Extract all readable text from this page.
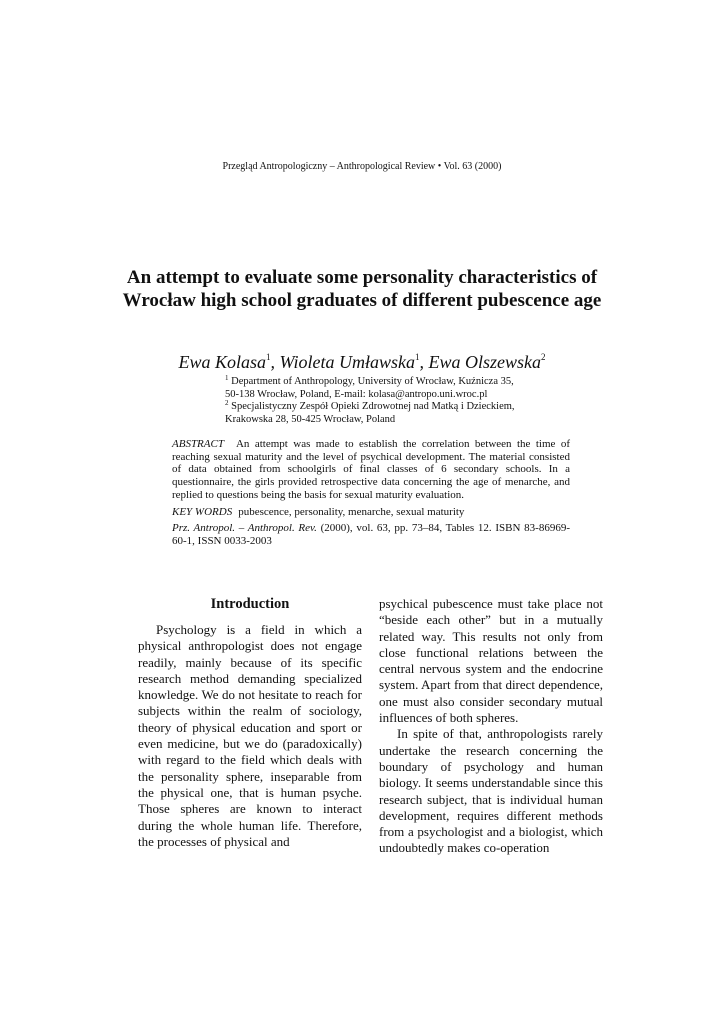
Przegląd Antropologiczny – Anthropological Review • Vol. 63 (2000)
An attempt to evaluate some personality characteristics of Wrocław high school graduates of different pubescence age
Ewa Kolasa$^1$, Wioleta Umławska$^1$, Ewa Olszewska$^2$
$^1$ Department of Anthropology, University of Wrocław, Kuźnicza 35,
50-138 Wrocław, Poland, E-mail: kolasa@antropo.uni.wroc.pl
$^2$ Specjalistyczny Zespół Opieki Zdrowotnej nad Matką i Dzieckiem,
Krakowska 28, 50-425 Wrocław, Poland

ABSTRACT An attempt was made to establish the correlation between the time of reaching sexual maturity and the level of psychical development. The material consisted of data obtained from schoolgirls of final classes of 6 secondary schools. In a questionnaire, the girls provided retrospective data concerning the age of menarche, and replied to questions being the basis for sexual maturity evaluation.

KEY WORDS pubescence, personality, menarche, sexual maturity

Prz. Antropol. – Anthropol. Rev. (2000), vol. 63, pp. 73–84, Tables 12. ISBN 83-86969-60-1, ISSN 0033-2003

Introduction

Psychology is a field in which a physical anthropologist does not engage readily, mainly because of its specific research method demanding specialized knowledge. We do not hesitate to reach for subjects within the realm of sociology, theory of physical education and sport or even medicine, but we do (paradoxically) with regard to the field which deals with the personality sphere, inseparable from the physical one, that is human psyche. Those spheres are known to interact during the whole human life. Therefore, the processes of physical and

psychical pubescence must take place not “beside each other” but in a mutually related way. This results not only from close functional relations between the central nervous system and the endocrine system. Apart from that direct dependence, one must also consider secondary mutual influences of both spheres.

In spite of that, anthropologists rarely undertake the research concerning the boundary of psychology and human biology. It seems understandable since this research subject, that is individual human development, requires different methods from a psychologist and a biologist, which undoubtedly makes co-operation
